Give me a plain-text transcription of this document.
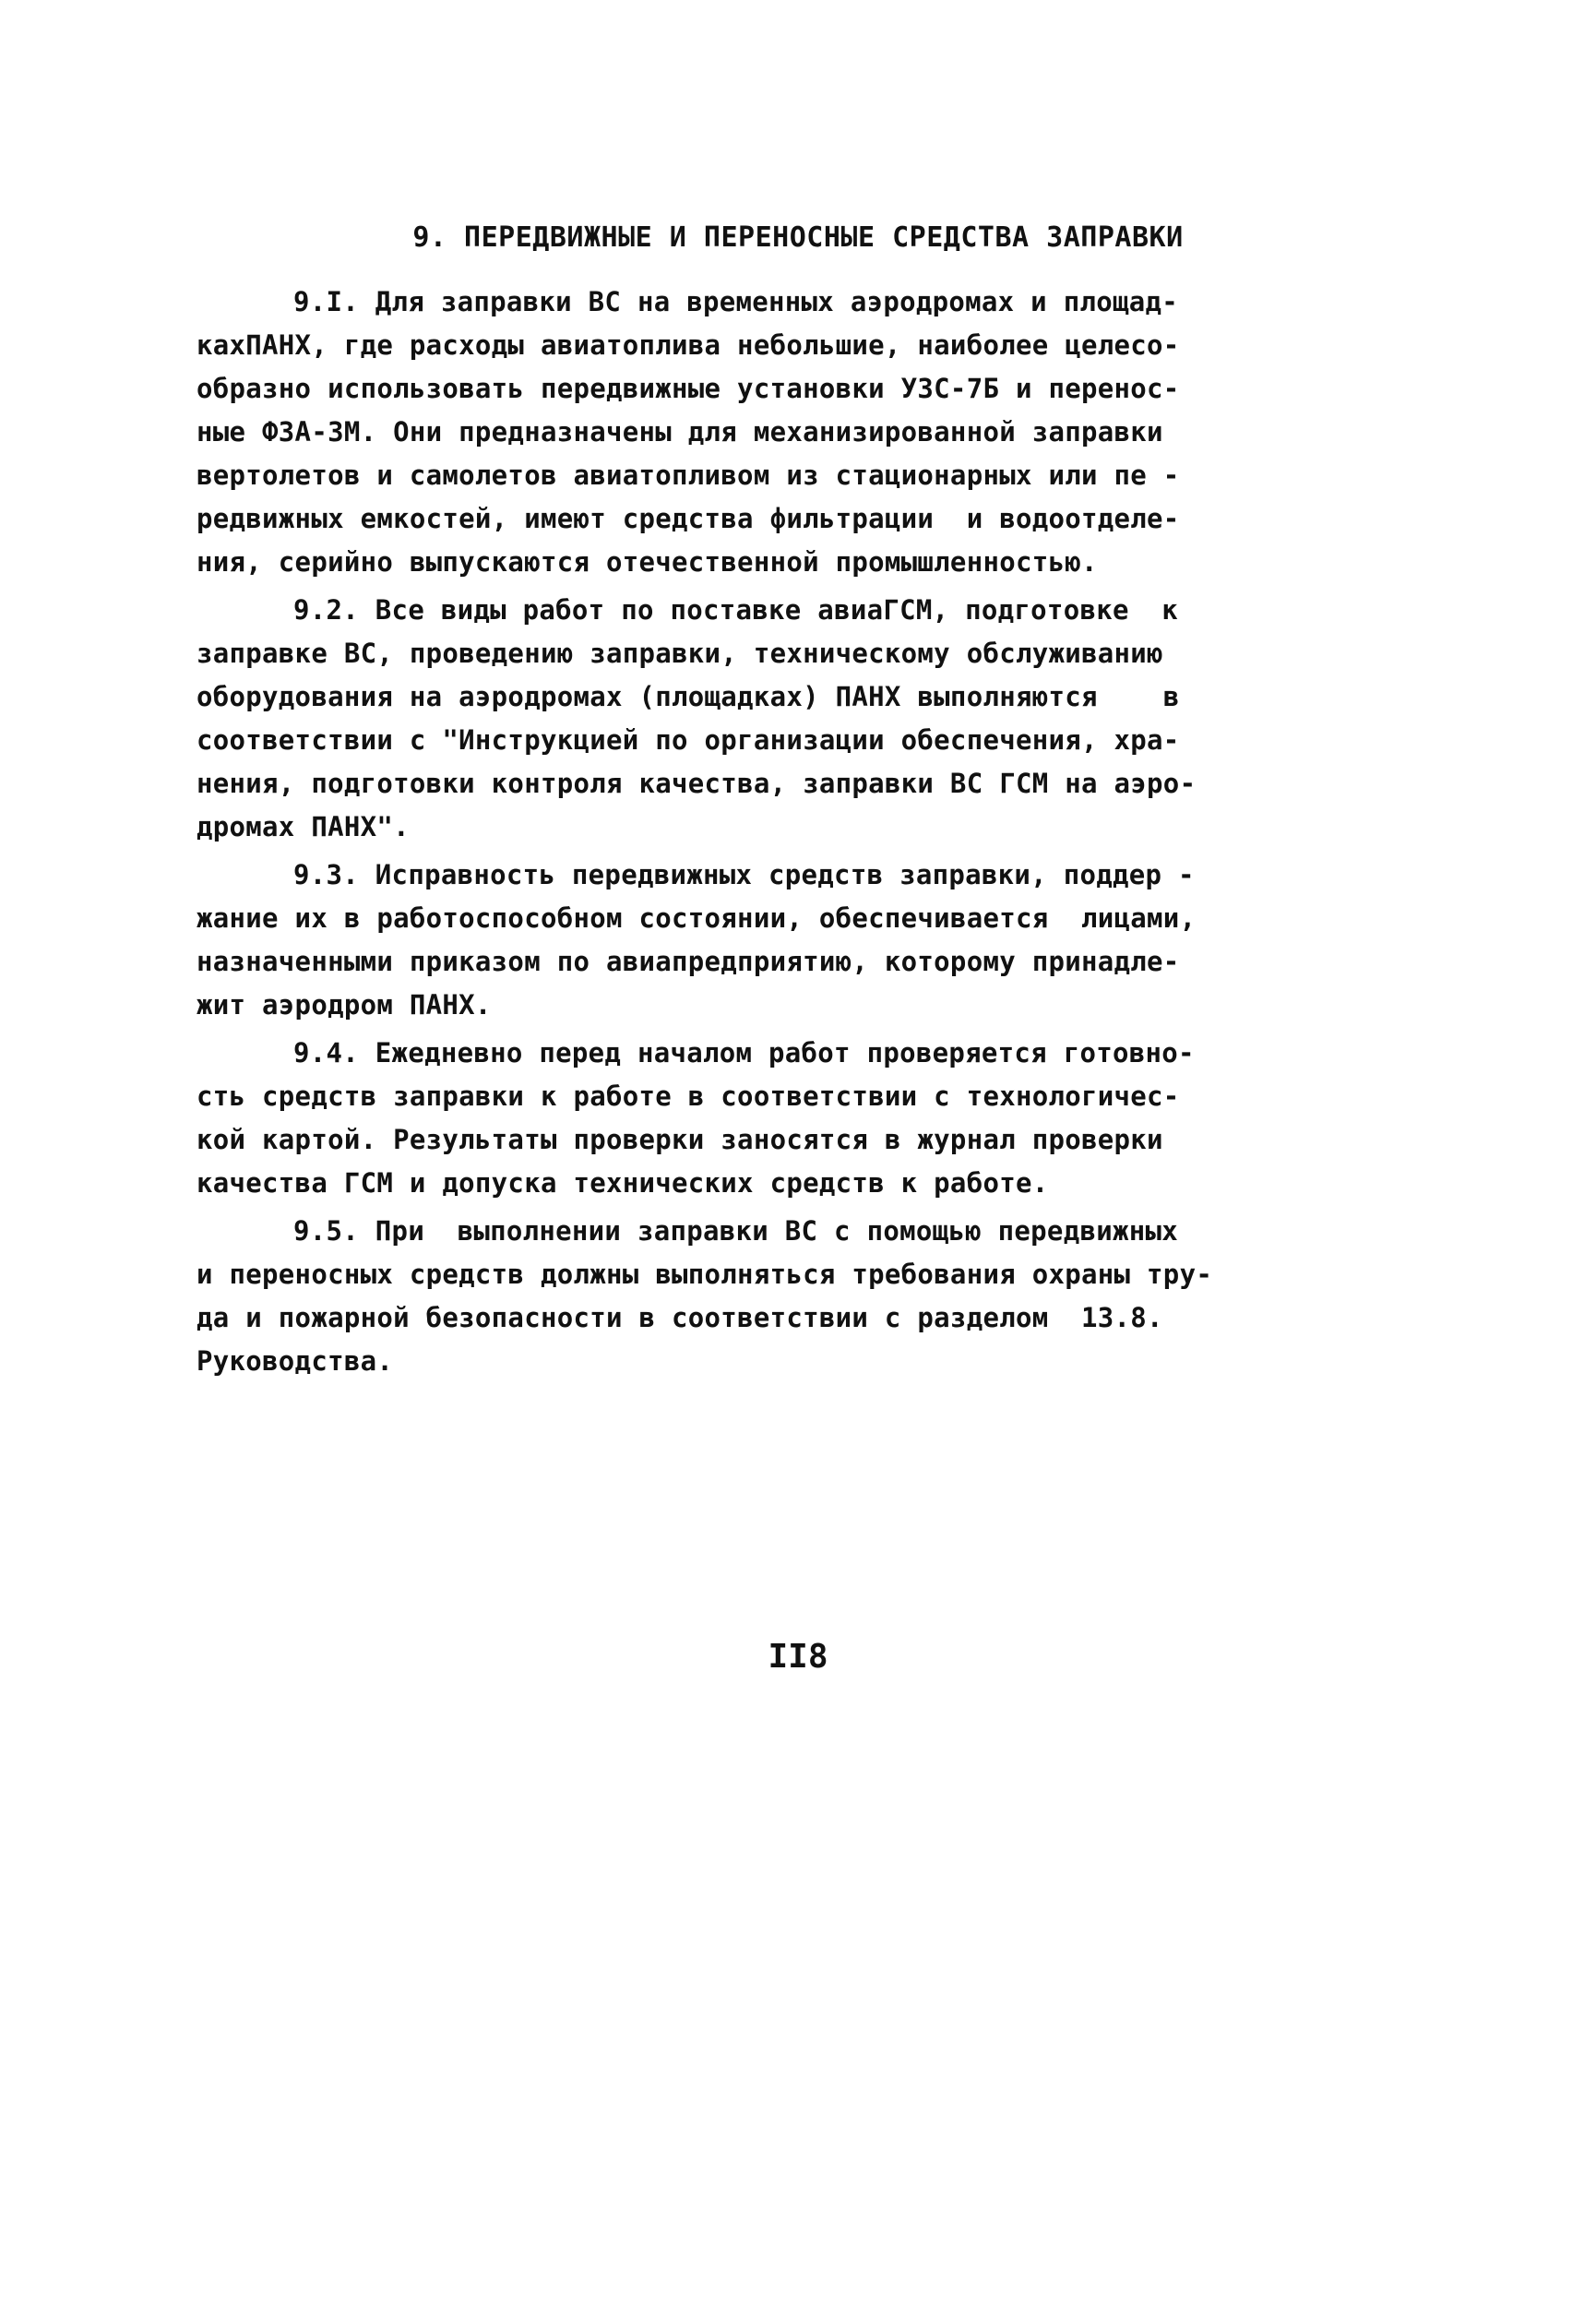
9. ПЕРЕДВИЖНЫЕ И ПЕРЕНОСНЫЕ СРЕДСТВА ЗАПРАВКИ
9.I. Для заправки ВС на временных аэродромах и площад-
кахПАНХ, где расходы авиатоплива небольшие, наиболее целесо-
образно использовать передвижные установки УЗС-7Б и перенос-
ные ФЗА-3М. Они предназначены для механизированной заправки
вертолетов и самолетов авиатопливом из стационарных или пе -
редвижных емкостей, имеют средства фильтрации  и водоотделе-
ния, серийно выпускаются отечественной промышленностью.
9.2. Все виды работ по поставке авиаГСМ, подготовке  к
заправке ВС, проведению заправки, техническому обслуживанию
оборудования на аэродромах (площадках) ПАНХ выполняются    в
соответствии с "Инструкцией по организации обеспечения, хра-
нения, подготовки контроля качества, заправки ВС ГСМ на аэро-
дромах ПАНХ".
9.3. Исправность передвижных средств заправки, поддер -
жание их в работоспособном состоянии, обеспечивается  лицами,
назначенными приказом по авиапредприятию, которому принадле-
жит аэродром ПАНХ.
9.4. Ежедневно перед началом работ проверяется готовно-
сть средств заправки к работе в соответствии с технологичес-
кой картой. Результаты проверки заносятся в журнал проверки
качества ГСМ и допуска технических средств к работе.
9.5. При  выполнении заправки ВС с помощью передвижных
и переносных средств должны выполняться требования охраны тру-
да и пожарной безопасности в соответствии с разделом  13.8.
Руководства.
II8
